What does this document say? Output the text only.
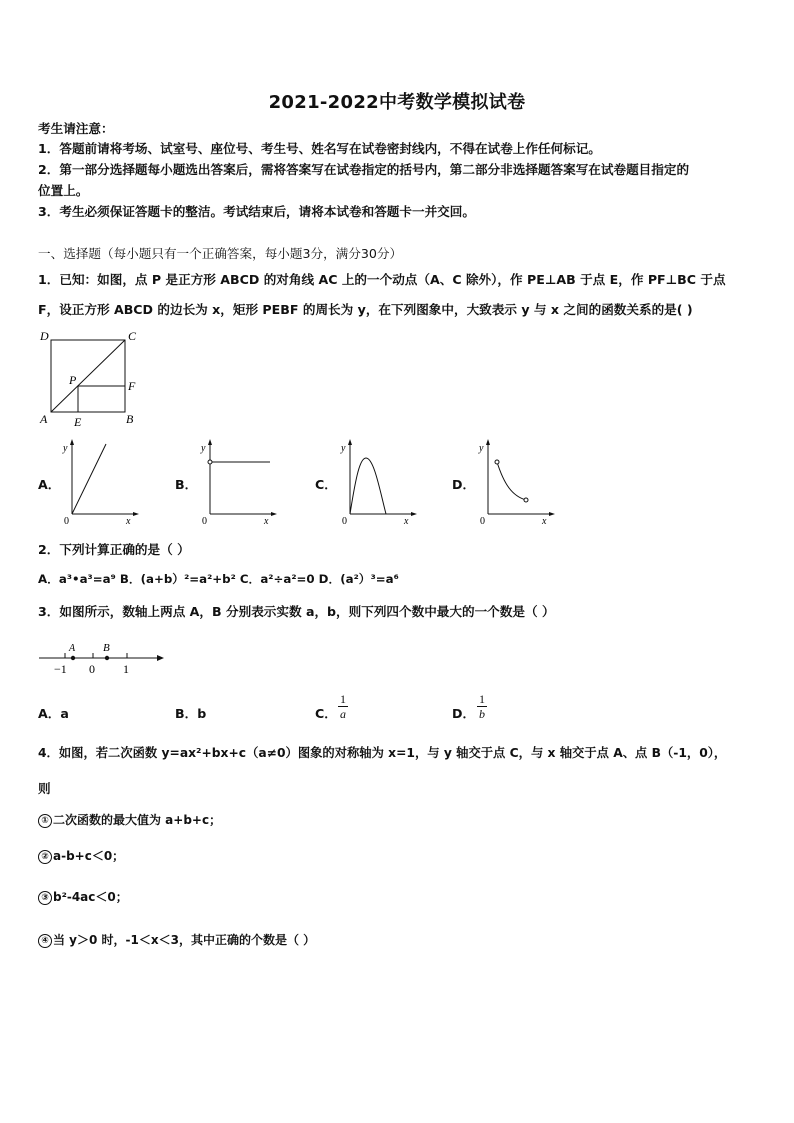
2021-2022中考数学模拟试卷
考生请注意：
1．答题前请将考场、试室号、座位号、考生号、姓名写在试卷密封线内，不得在试卷上作任何标记。
2．第一部分选择题每小题选出答案后，需将答案写在试卷指定的括号内，第二部分非选择题答案写在试卷题目指定的
位置上。
3．考生必须保证答题卡的整洁。考试结束后，请将本试卷和答题卡一并交回。
一、选择题（每小题只有一个正确答案，每小题3分，满分30分）
1．已知：如图，点 P 是正方形 ABCD 的对角线 AC 上的一个动点（A、C 除外），作 PE⊥AB 于点 E，作 PF⊥BC 于点
F，设正方形 ABCD 的边长为 x，矩形 PEBF 的周长为 y，在下列图象中，大致表示 y 与 x 之间的函数关系的是( )
D	C
P	F
A E	B
A．	B．	C．	D．
y
x
0
y
x
0
y
x
0
y
x
0
2．下列计算正确的是（ ）
A．a³•a³=a⁹ B．(a+b）²=a²+b² C．a²÷a²=0 D．(a²）³=a⁶
3．如图所示，数轴上两点 A，B 分别表示实数 a，b，则下列四个数中最大的一个数是（ ）
A	B
−1 0 1
A．a	B．b	C． $\frac{1}{a}$	D． $\frac{1}{b}$
4．如图，若二次函数 y=ax²+bx+c（a≠0）图象的对称轴为 x=1，与 y 轴交于点 C，与 x 轴交于点 A、点 B（-1，0），
则
① 二次函数的最大值为 a+b+c；
② a-b+c＜0；
③ b²-4ac＜0；
④ 当 y＞0 时，-1＜x＜3，其中正确的个数是（ ）
